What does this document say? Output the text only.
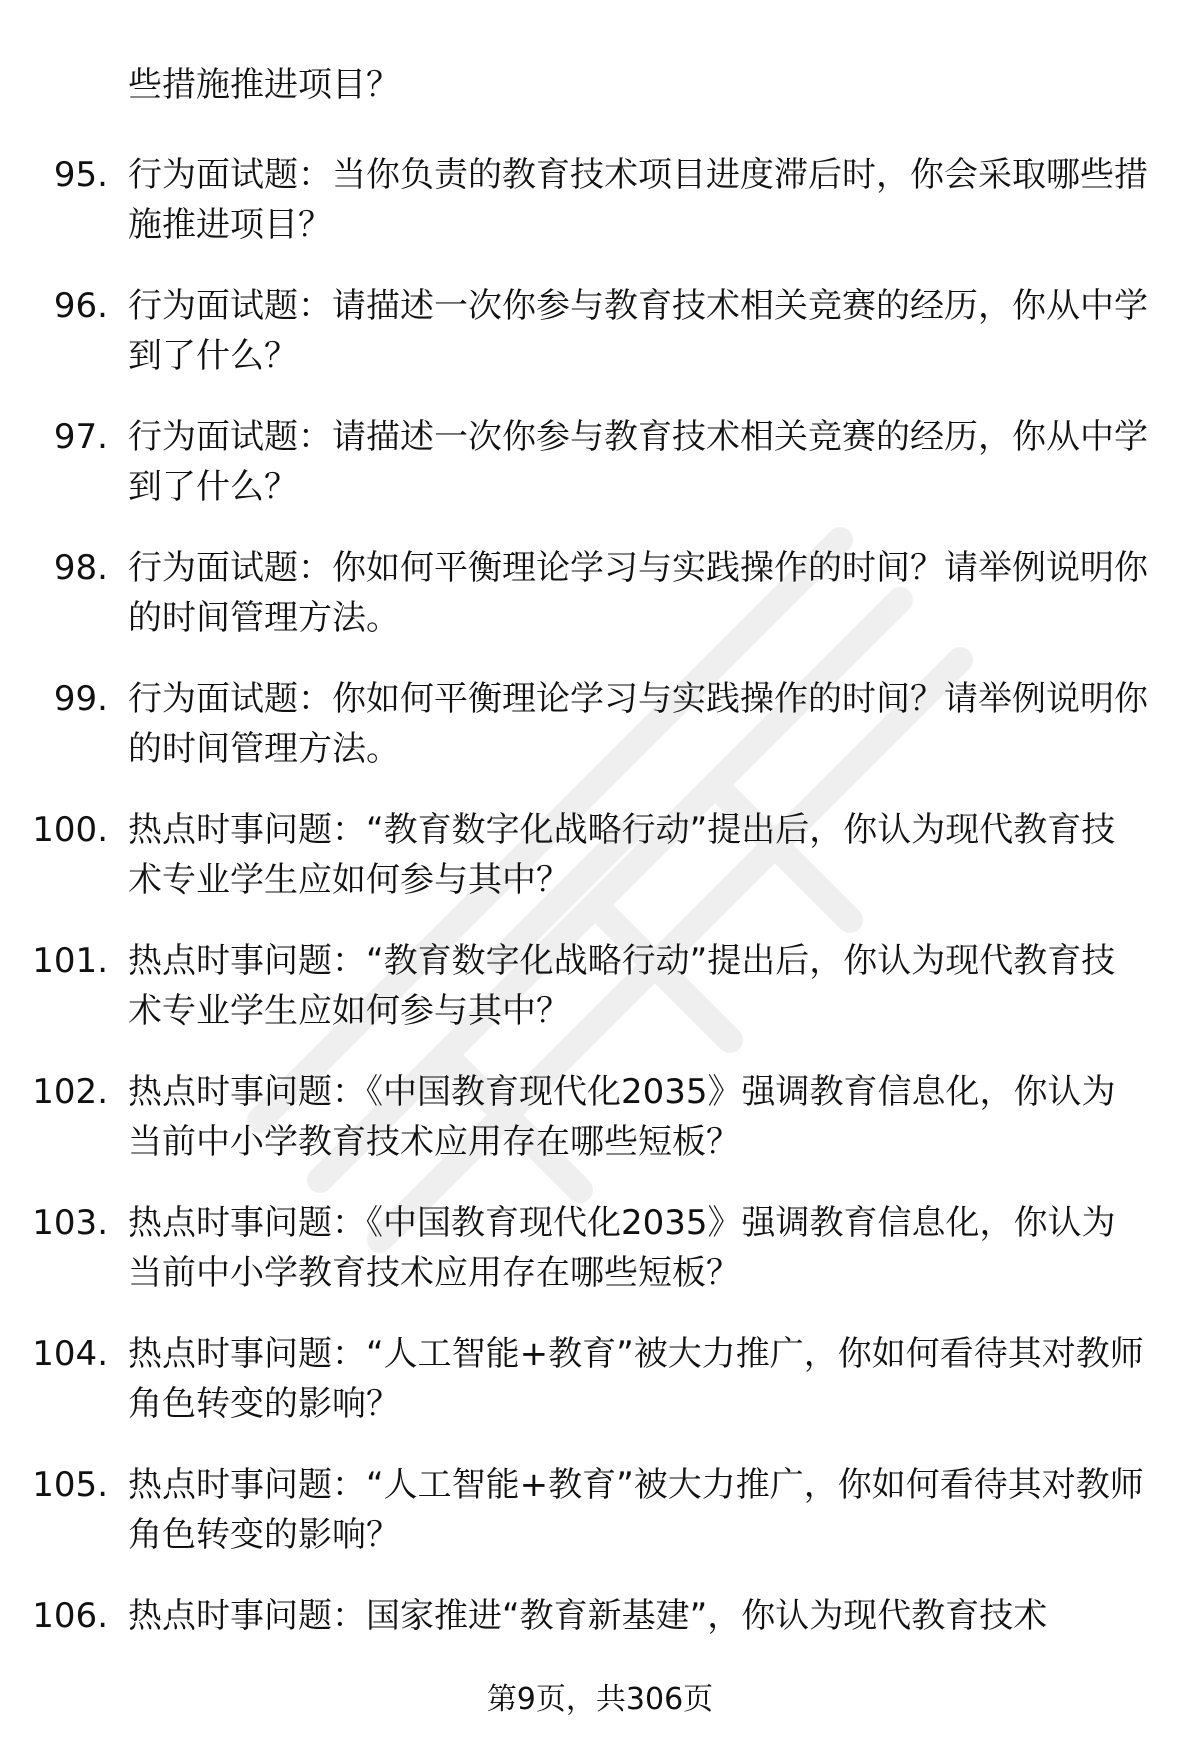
些措施推进项目？
95. 行为面试题：当你负责的教育技术项目进度滞后时，你会采取哪些措施推进项目？
96. 行为面试题：请描述一次你参与教育技术相关竞赛的经历，你从中学到了什么？
97. 行为面试题：请描述一次你参与教育技术相关竞赛的经历，你从中学到了什么？
98. 行为面试题：你如何平衡理论学习与实践操作的时间？请举例说明你的时间管理方法。
99. 行为面试题：你如何平衡理论学习与实践操作的时间？请举例说明你的时间管理方法。
100. 热点时事问题：“教育数字化战略行动”提出后，你认为现代教育技术专业学生应如何参与其中？
101. 热点时事问题：“教育数字化战略行动”提出后，你认为现代教育技术专业学生应如何参与其中？
102. 热点时事问题：《中国教育现代化2035》强调教育信息化，你认为当前中小学教育技术应用存在哪些短板？
103. 热点时事问题：《中国教育现代化2035》强调教育信息化，你认为当前中小学教育技术应用存在哪些短板？
104. 热点时事问题：“人工智能+教育”被大力推广，你如何看待其对教师角色转变的影响？
105. 热点时事问题：“人工智能+教育”被大力推广，你如何看待其对教师角色转变的影响？
106. 热点时事问题：国家推进“教育新基建”，你认为现代教育技术
第9页，共306页
